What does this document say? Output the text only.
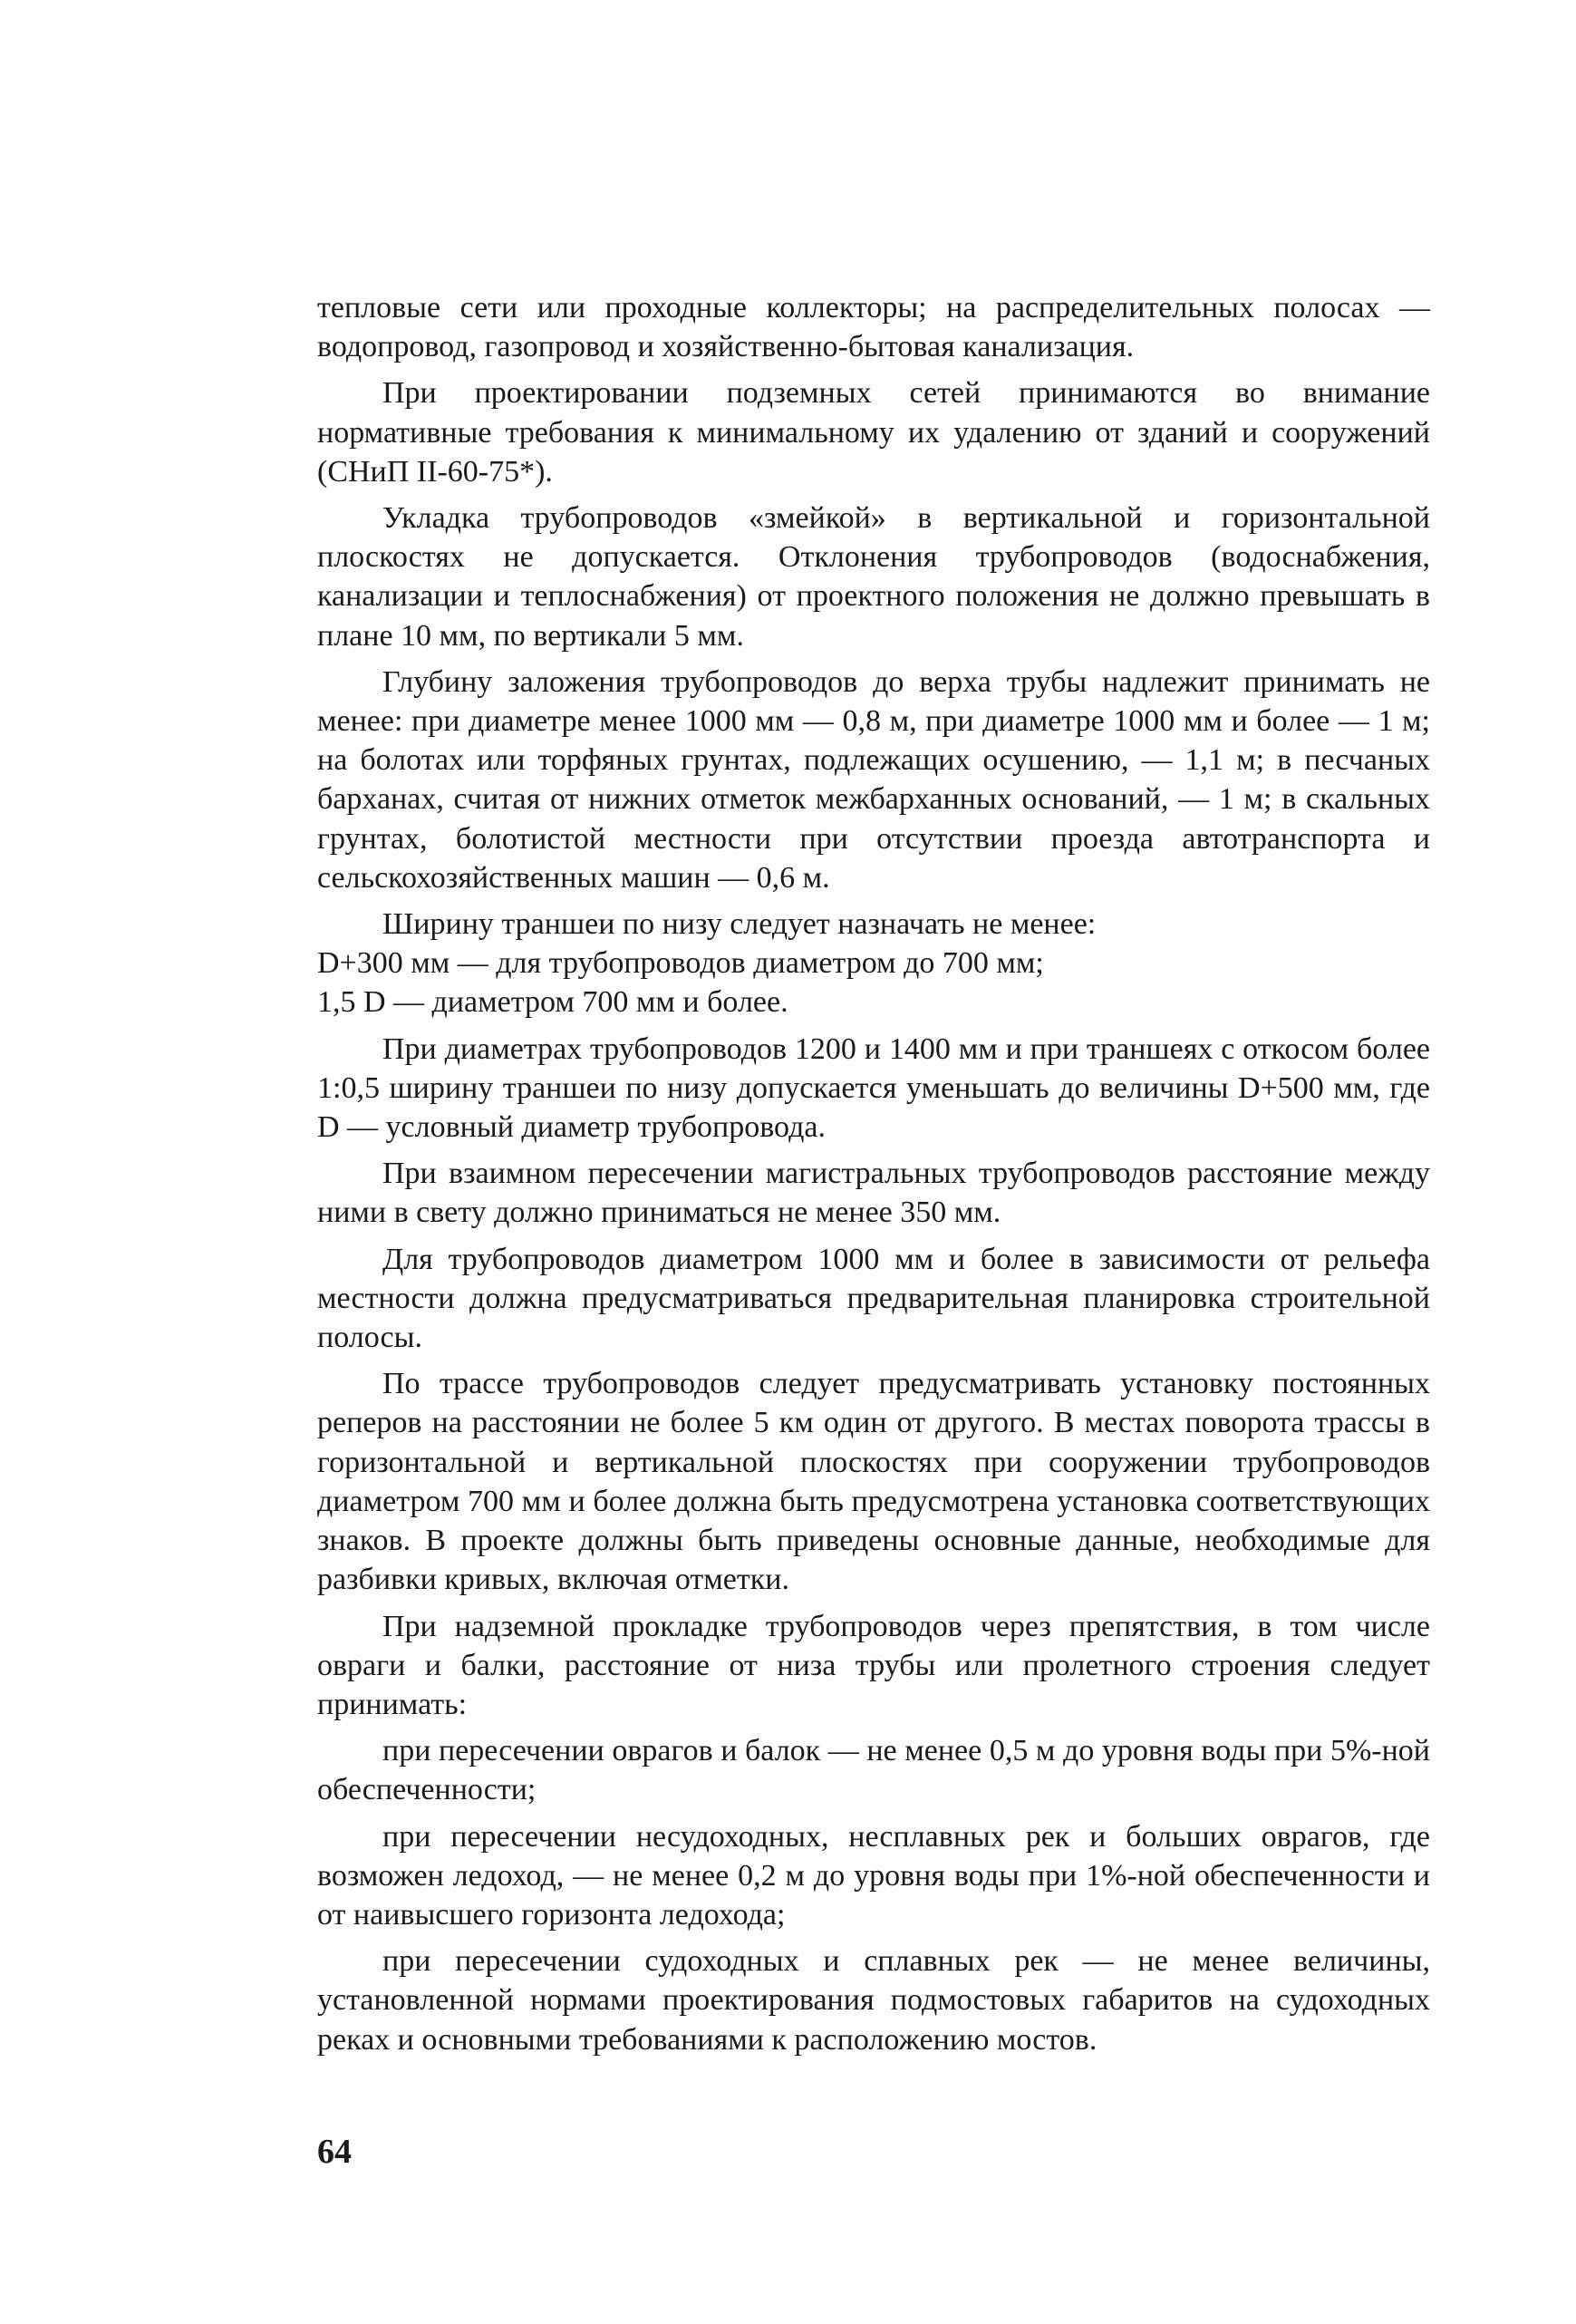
тепловые сети или проходные коллекторы; на распределительных полосах — водопровод, газопровод и хозяйственно-бытовая канализация.

При проектировании подземных сетей принимаются во внимание нормативные требования к минимальному их удалению от зданий и сооружений (СНиП II-60-75*).

Укладка трубопроводов «змейкой» в вертикальной и горизонтальной плоскостях не допускается. Отклонения трубопроводов (водоснабжения, канализации и теплоснабжения) от проектного положения не должно превышать в плане 10 мм, по вертикали 5 мм.

Глубину заложения трубопроводов до верха трубы надлежит принимать не менее: при диаметре менее 1000 мм — 0,8 м, при диаметре 1000 мм и более — 1 м; на болотах или торфяных грунтах, подлежащих осушению, — 1,1 м; в песчаных барханах, считая от нижних отметок межбарханных оснований, — 1 м; в скальных грунтах, болотистой местности при отсутствии проезда автотранспорта и сельскохозяйственных машин — 0,6 м.

Ширину траншеи по низу следует назначать не менее:
D+300 мм — для трубопроводов диаметром до 700 мм;
1,5 D — диаметром 700 мм и более.

При диаметрах трубопроводов 1200 и 1400 мм и при траншеях с откосом более 1:0,5 ширину траншеи по низу допускается уменьшать до величины D+500 мм, где D — условный диаметр трубопровода.

При взаимном пересечении магистральных трубопроводов расстояние между ними в свету должно приниматься не менее 350 мм.

Для трубопроводов диаметром 1000 мм и более в зависимости от рельефа местности должна предусматриваться предварительная планировка строительной полосы.

По трассе трубопроводов следует предусматривать установку постоянных реперов на расстоянии не более 5 км один от другого. В местах поворота трассы в горизонтальной и вертикальной плоскостях при сооружении трубопроводов диаметром 700 мм и более должна быть предусмотрена установка соответствующих знаков. В проекте должны быть приведены основные данные, необходимые для разбивки кривых, включая отметки.

При надземной прокладке трубопроводов через препятствия, в том числе овраги и балки, расстояние от низа трубы или пролетного строения следует принимать:

при пересечении оврагов и балок — не менее 0,5 м до уровня воды при 5%-ной обеспеченности;

при пересечении несудоходных, несплавных рек и больших оврагов, где возможен ледоход, — не менее 0,2 м до уровня воды при 1%-ной обеспеченности и от наивысшего горизонта ледохода;

при пересечении судоходных и сплавных рек — не менее величины, установленной нормами проектирования подмостовых габаритов на судоходных реках и основными требованиями к расположению мостов.

64
